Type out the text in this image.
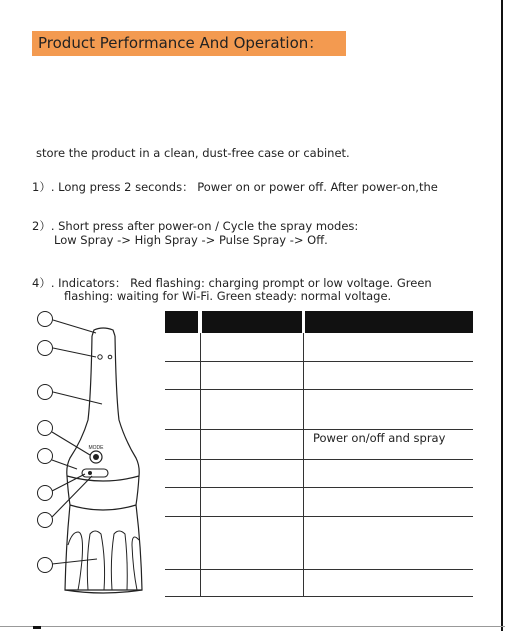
Product Performance And Operation：
store the product in a clean, dust-free case or cabinet.
1）. Long press 2 seconds： Power on or power off. After power-on,the
2）. Short press after power-on / Cycle the spray modes:
Low Spray -> High Spray -> Pulse Spray -> Off.
4）. Indicators： Red flashing: charging prompt or low voltage. Green
flashing: waiting for Wi-Fi. Green steady: normal voltage.
MODE
Power on/off and spray
